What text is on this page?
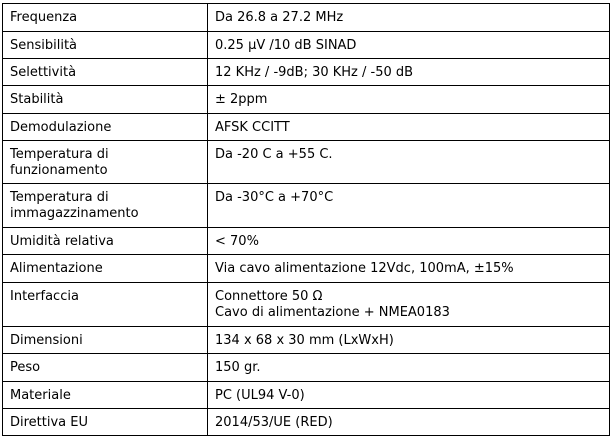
Frequenza	Da 26.8 a 27.2 MHz

Sensibilità	0.25 µV /10 dB SINAD

Selettività	12 KHz / -9dB; 30 KHz / -50 dB

Stabilità	± 2ppm

Demodulazione	AFSK CCITT

Temperatura di funzionamento	Da -20 C a +55 C.

Temperatura di immagazzinamento	Da -30°C a +70°C

Umidità relativa	< 70%

Alimentazione	Via cavo alimentazione 12Vdc, 100mA, ±15%

Interfaccia	Connettore 50 Ω
Cavo di alimentazione + NMEA0183

Dimensioni	134 x 68 x 30 mm (LxWxH)

Peso	150 gr.

Materiale	PC (UL94 V-0)

Direttiva EU	2014/53/UE (RED)
